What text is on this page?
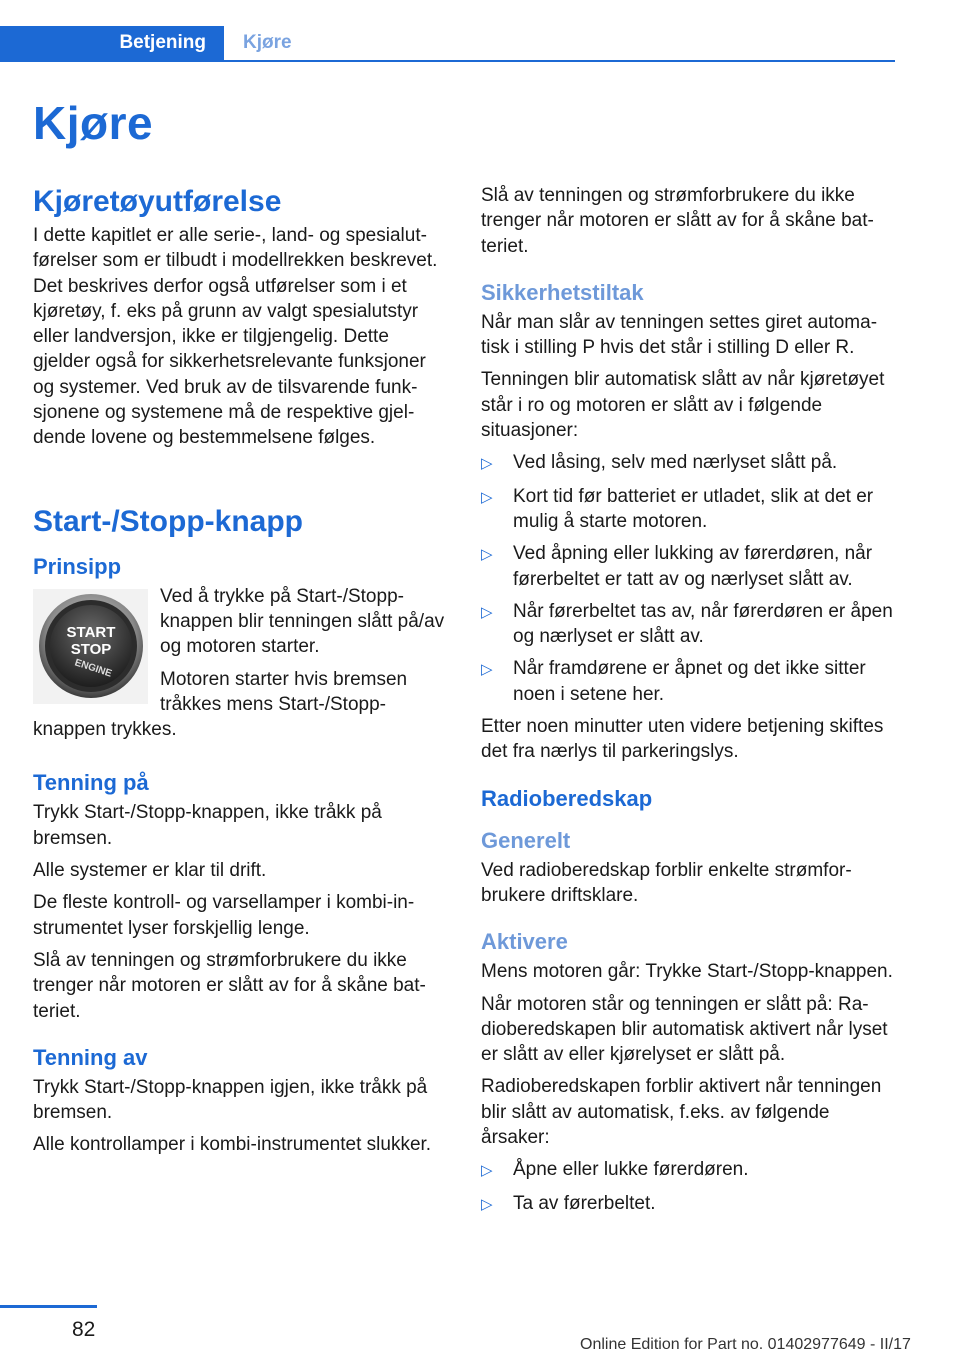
Betjening Kjøre
Kjøre
Kjøretøyutførelse

I dette kapitlet er alle serie-, land- og spesialutførelser som er tilbudt i modellrekken beskrevet. Det beskrives derfor også utførelser som i et kjøretøy, f. eks på grunn av valgt spesialutstyr eller landversjon, ikke er tilgjengelig. Dette gjelder også for sikkerhetsrelevante funksjoner og systemer. Ved bruk av de tilsvarende funksjonene og systemene må de respektive gjeldende lovene og bestemmelsene følges.

Start-/Stopp-knapp
Prinsipp
START
STOP
ENGINE

Ved å trykke på Start-/Stopp-knappen blir tenningen slått på/av og motoren starter.

Motoren starter hvis bremsen tråkkes mens Start-/Stopp-knappen trykkes.

Tenning på

Trykk Start-/Stopp-knappen, ikke tråkk på bremsen.

Alle systemer er klar til drift.

De fleste kontroll- og varsellamper i kombi-instrumentet lyser forskjellig lenge.

Slå av tenningen og strømforbrukere du ikke trenger når motoren er slått av for å skåne batteriet.

Tenning av

Trykk Start-/Stopp-knappen igjen, ikke tråkk på bremsen.

Alle kontrollamper i kombi-instrumentet slukker.

Slå av tenningen og strømforbrukere du ikke trenger når motoren er slått av for å skåne batteriet.

Sikkerhetstiltak

Når man slår av tenningen settes giret automatisk i stilling P hvis det står i stilling D eller R.

Tenningen blir automatisk slått av når kjøretøyet står i ro og motoren er slått av i følgende situasjoner:

▷	Ved låsing, selv med nærlyset slått på.
▷	Kort tid før batteriet er utladet, slik at det er mulig å starte motoren.
▷	Ved åpning eller lukking av førerdøren, når førerbeltet er tatt av og nærlyset slått av.
▷	Når førerbeltet tas av, når førerdøren er åpen og nærlyset er slått av.
▷	Når framdørene er åpnet og det ikke sitter noen i setene her.

Etter noen minutter uten videre betjening skiftes det fra nærlys til parkeringslys.

Radioberedskap
Generelt

Ved radioberedskap forblir enkelte strømforbrukere driftsklare.

Aktivere

Mens motoren går: Trykke Start-/Stopp-knappen.

Når motoren står og tenningen er slått på: Radioberedskapen blir automatisk aktivert når lyset er slått av eller kjørelyset er slått på.

Radioberedskapen forblir aktivert når tenningen blir slått av automatisk, f.eks. av følgende årsaker:

▷	Åpne eller lukke førerdøren.
▷	Ta av førerbeltet.
82
Online Edition for Part no. 01402977649 - II/17
